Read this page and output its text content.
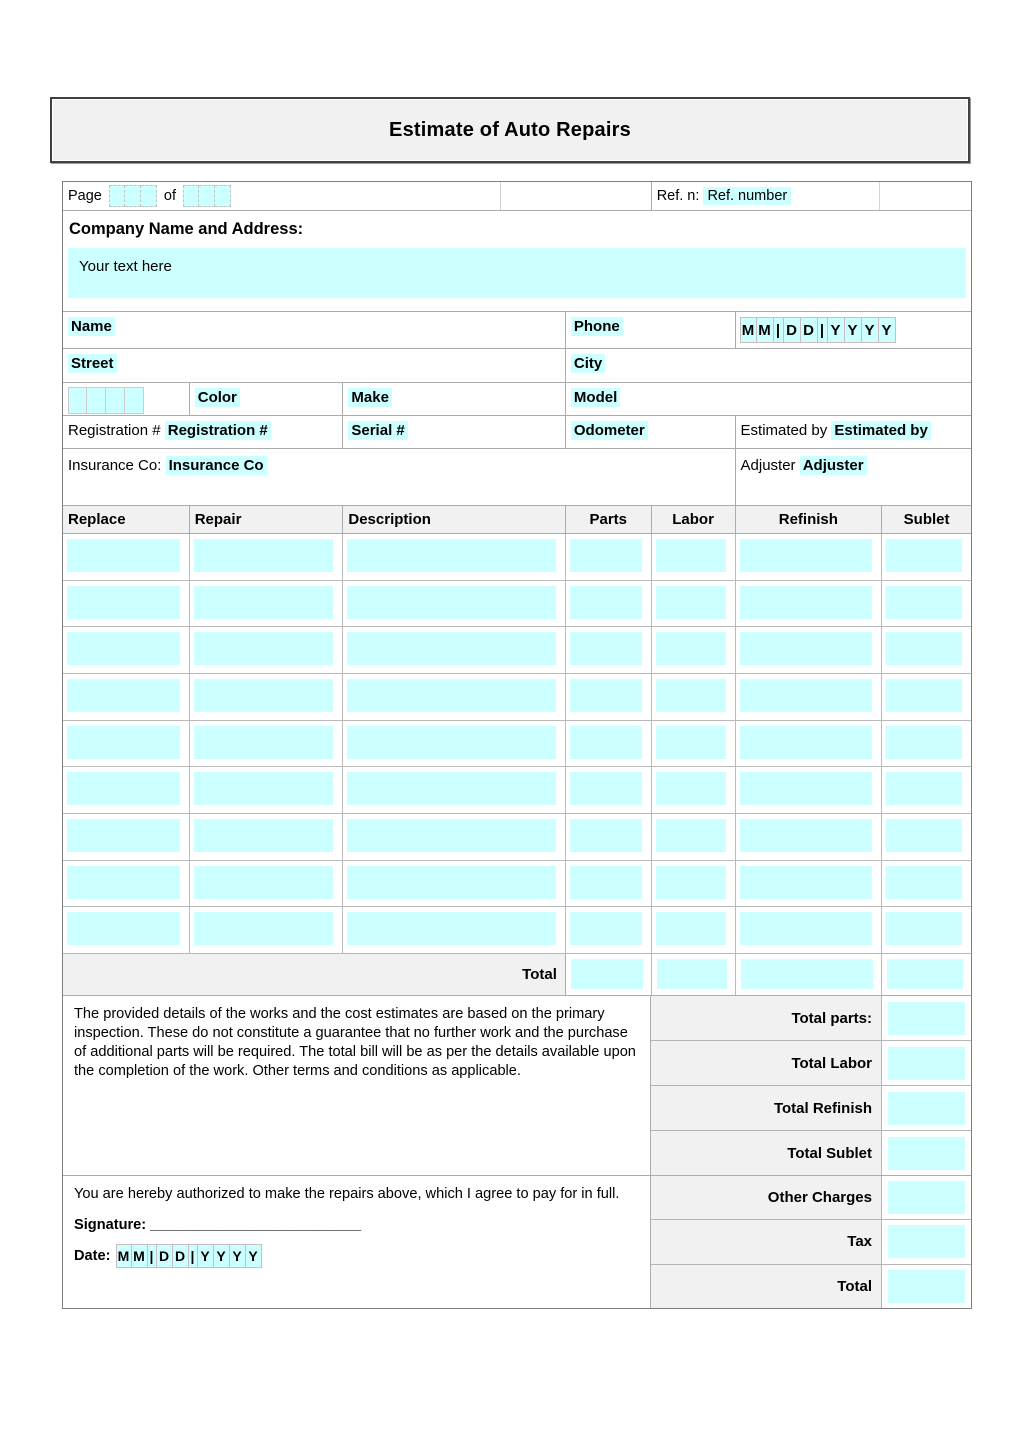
Estimate of Auto Repairs
Page	of	Ref. n:
Ref. number
Company Name and Address:
Your text here
Name	Phone	M M | D D | Y Y Y Y
Street	City
Color	Make	Model
Registration # Registration #	Serial #	Odometer	Estimated by Estimated by
Insurance Co: Insurance Co	Adjuster Adjuster
Replace	Repair	Description	Parts	Labor	Refinish	Sublet
Total

The provided details of the works and the cost estimates are based on the primary inspection. These do not constitute a guarantee that no further work and the purchase of additional parts will be required. The total bill will be as per the details available upon the completion of the work. Other terms and conditions as applicable.

Total parts:
Total Labor
Total Refinish
Total Sublet

You are hereby authorized to make the repairs above, which I agree to pay for in full.

Signature: __________________________
Date: M M | D D | Y Y Y Y
Other Charges
Tax
Total
